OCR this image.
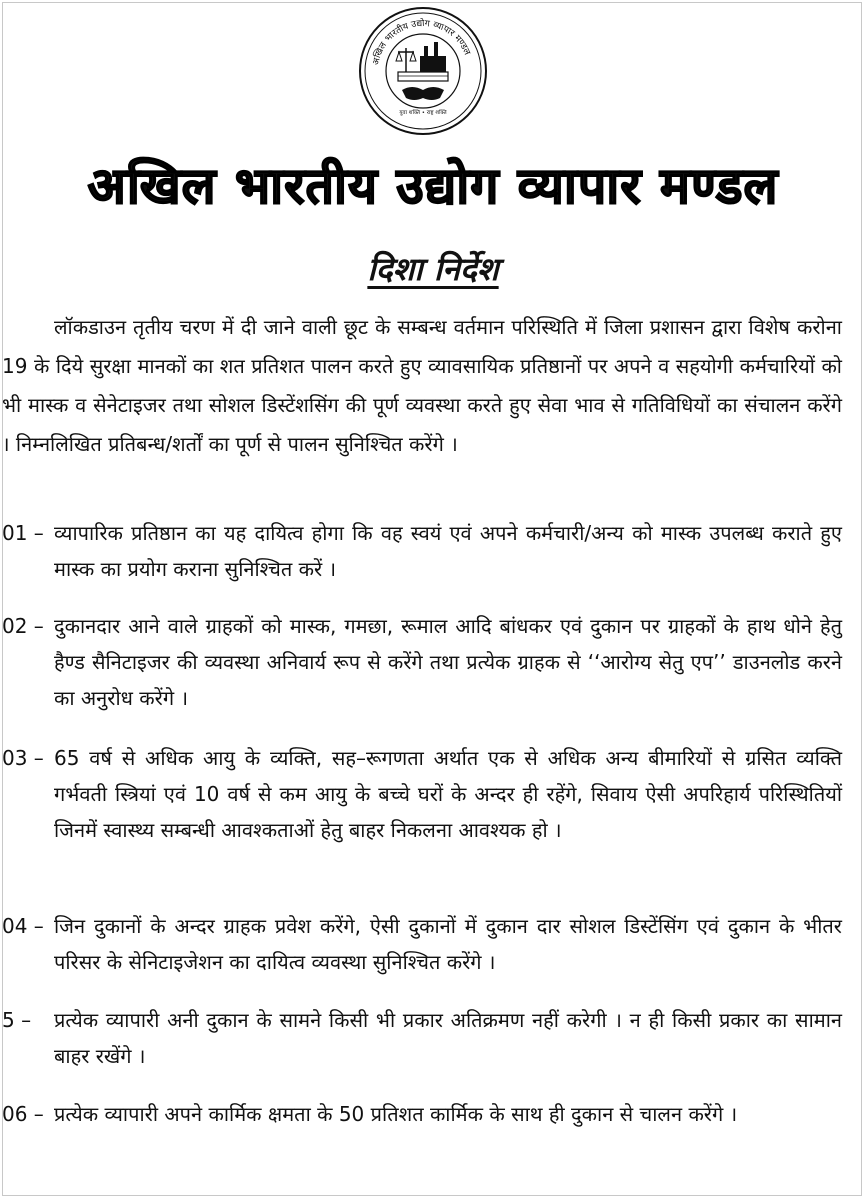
अखिल भारतीय उद्योग व्यापार मण्डल
युवा शक्ति • राष्ट्र शक्ति
अखिल भारतीय उद्योग व्यापार मण्डल
दिशा निर्देश
लॉकडाउन तृतीय चरण में दी जाने वाली छूट के सम्बन्ध वर्तमान परिस्थिति में जिला प्रशासन द्वारा विशेष करोना 19 के दिये सुरक्षा मानकों का शत प्रतिशत पालन करते हुए व्यावसायिक प्रतिष्ठानों पर अपने व सहयोगी कर्मचारियों को भी मास्क व सेनेटाइजर तथा सोशल डिस्टेंशसिंग की पूर्ण व्यवस्था करते हुए सेवा भाव से गतिविधियों का संचालन करेंगे । निम्नलिखित प्रतिबन्ध/शर्तों का पूर्ण से पालन सुनिश्चित करेंगे ।
01 – व्यापारिक प्रतिष्ठान का यह दायित्व होगा कि वह स्वयं एवं अपने कर्मचारी/अन्य को मास्क उपलब्ध कराते हुए मास्क का प्रयोग कराना सुनिश्चित करें ।
02 – दुकानदार आने वाले ग्राहकों को मास्क, गमछा, रूमाल आदि बांधकर एवं दुकान पर ग्राहकों के हाथ धोने हेतु हैण्ड सैनिटाइजर की व्यवस्था अनिवार्य रूप से करेंगे तथा प्रत्येक ग्राहक से ‘‘आरोग्य सेतु एप’’ डाउनलोड करने का अनुरोध करेंगे ।
03 – 65 वर्ष से अधिक आयु के व्यक्ति, सह–रूगणता अर्थात एक से अधिक अन्य बीमारियों से ग्रसित व्यक्ति गर्भवती स्त्रियां एवं 10 वर्ष से कम आयु के बच्चे घरों के अन्दर ही रहेंगे, सिवाय ऐसी अपरिहार्य परिस्थितियों जिनमें स्वास्थ्य सम्बन्धी आवश्कताओं हेतु बाहर निकलना आवश्यक हो ।
04 – जिन दुकानों के अन्दर ग्राहक प्रवेश करेंगे, ऐसी दुकानों में दुकान दार सोशल डिस्टेंसिंग एवं दुकान के भीतर परिसर के सेनिटाइजेशन का दायित्व व्यवस्था सुनिश्चित करेंगे ।
5 –	प्रत्येक व्यापारी अनी दुकान के सामने किसी भी प्रकार अतिक्रमण नहीं करेगी । न ही किसी प्रकार का सामान बाहर रखेंगे ।
06 – प्रत्येक व्यापारी अपने कार्मिक क्षमता के 50 प्रतिशत कार्मिक के साथ ही दुकान से चालन करेंगे ।
